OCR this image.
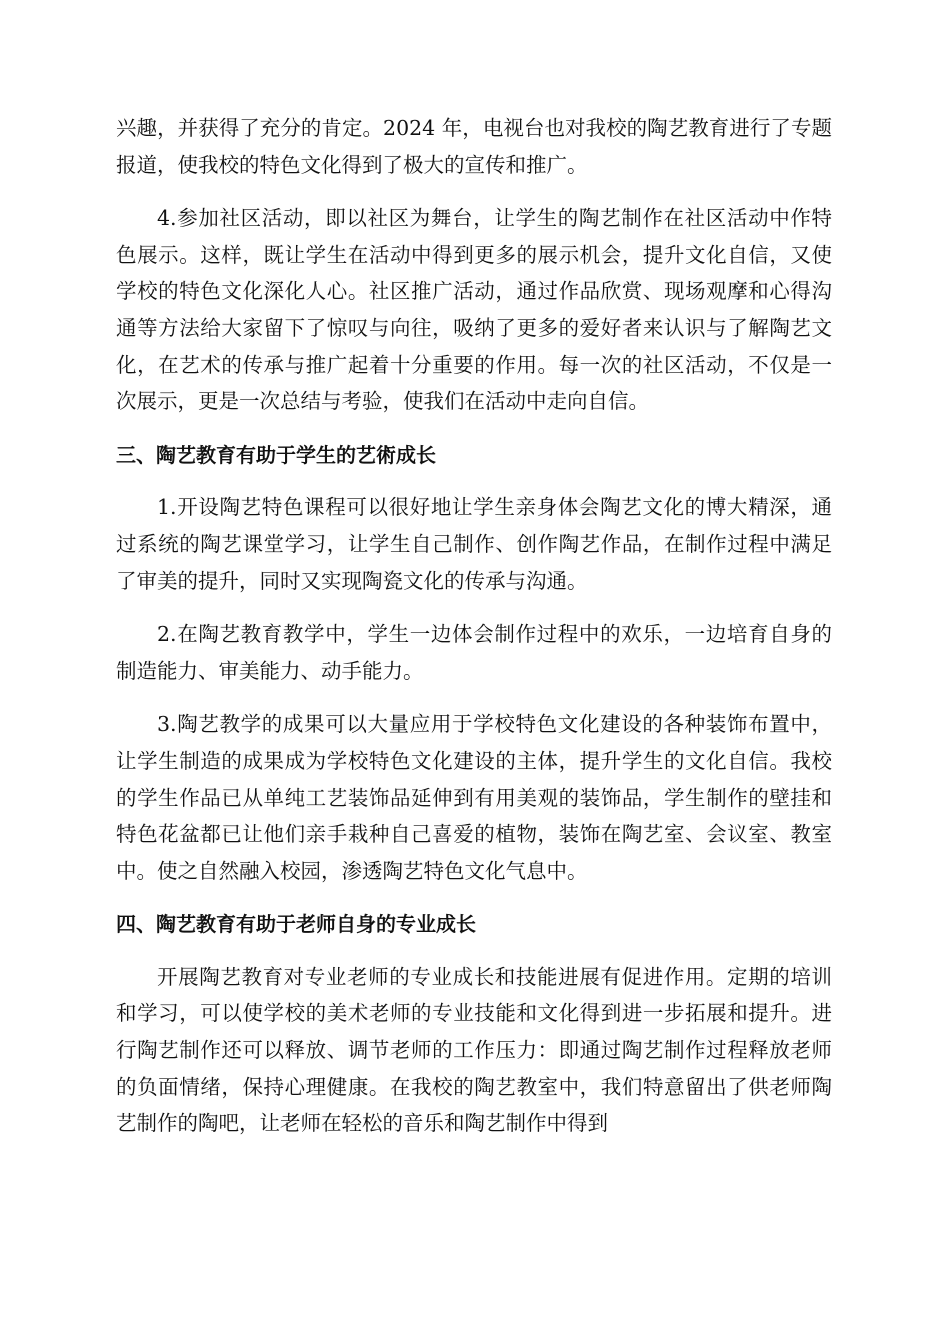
兴趣，并获得了充分的肯定。2024 年，电视台也对我校的陶艺教育进行了专题报道，使我校的特色文化得到了极大的宣传和推广。

4.参加社区活动，即以社区为舞台，让学生的陶艺制作在社区活动中作特色展示。这样，既让学生在活动中得到更多的展示机会，提升文化自信，又使学校的特色文化深化人心。社区推广活动，通过作品欣赏、现场观摩和心得沟通等方法给大家留下了惊叹与向往，吸纳了更多的爱好者来认识与了解陶艺文化，在艺术的传承与推广起着十分重要的作用。每一次的社区活动，不仅是一次展示，更是一次总结与考验，使我们在活动中走向自信。

三、陶艺教育有助于学生的艺術成长

1.开设陶艺特色课程可以很好地让学生亲身体会陶艺文化的博大精深，通过系统的陶艺课堂学习，让学生自己制作、创作陶艺作品，在制作过程中满足了审美的提升，同时又实现陶瓷文化的传承与沟通。

2.在陶艺教育教学中，学生一边体会制作过程中的欢乐，一边培育自身的制造能力、审美能力、动手能力。

3.陶艺教学的成果可以大量应用于学校特色文化建设的各种装饰布置中，让学生制造的成果成为学校特色文化建设的主体，提升学生的文化自信。我校的学生作品已从单纯工艺装饰品延伸到有用美观的装饰品，学生制作的壁挂和特色花盆都已让他们亲手栽种自己喜爱的植物，装饰在陶艺室、会议室、教室中。使之自然融入校园，渗透陶艺特色文化气息中。

四、陶艺教育有助于老师自身的专业成长

开展陶艺教育对专业老师的专业成长和技能进展有促进作用。定期的培训和学习，可以使学校的美术老师的专业技能和文化得到进一步拓展和提升。进行陶艺制作还可以释放、调节老师的工作压力：即通过陶艺制作过程释放老师的负面情绪，保持心理健康。在我校的陶艺教室中，我们特意留出了供老师陶艺制作的陶吧，让老师在轻松的音乐和陶艺制作中得到
